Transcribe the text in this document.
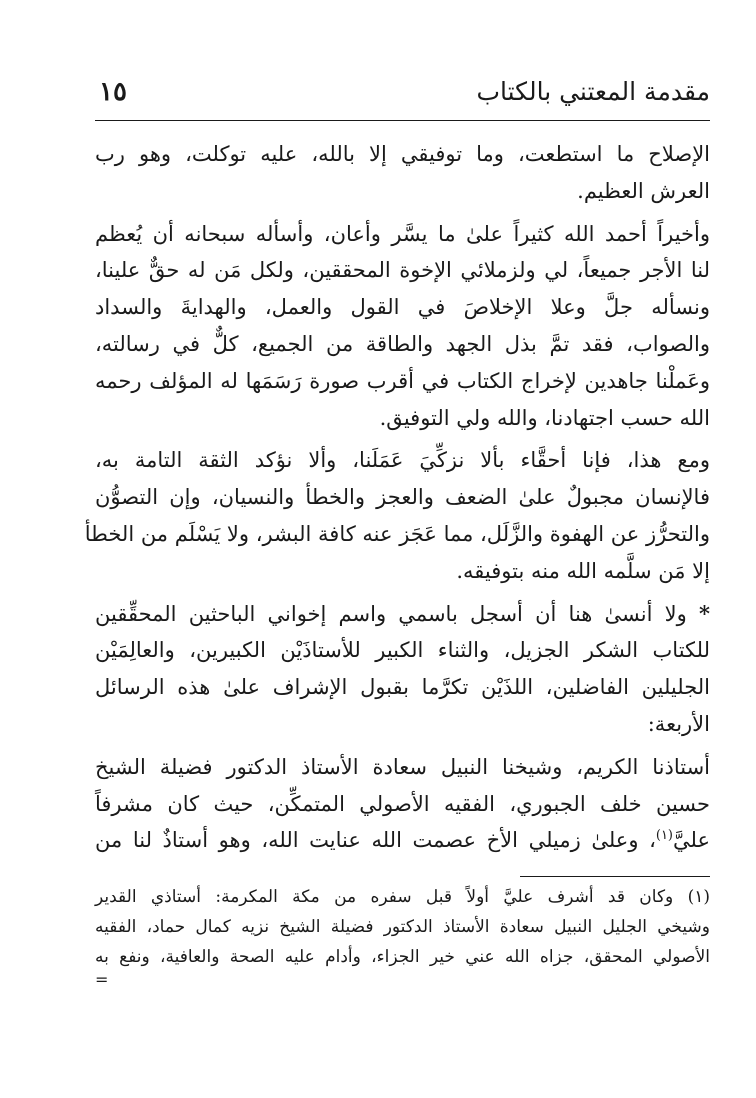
مقدمة المعتني بالكتاب
١٥

الإصلاح ما استطعت، وما توفيقي إلا بالله، عليه توكلت، وهو رب
العرش العظيم.

وأخيراً أحمد الله كثيراً علىٰ ما يسَّر وأعان، وأسأله سبحانه أن يُعظم
لنا الأجر جميعاً، لي ولزملائي الإخوة المحققين، ولكل مَن له حقٌّ علينا،
ونسأله جلَّ وعلا الإخلاصَ في القول والعمل، والهدايةَ والسداد
والصواب، فقد تمَّ بذل الجهد والطاقة من الجميع، كلٌّ في رسالته،
وعَملْنا جاهدين لإخراج الكتاب في أقرب صورة رَسَمَها له المؤلف رحمه
الله حسب اجتهادنا، والله ولي التوفيق.

ومع هذا، فإنا أحقَّاء بألا نزكِّيَ عَمَلَنا، وألا نؤكد الثقة التامة به،
فالإنسان مجبولٌ علىٰ الضعف والعجز والخطأ والنسيان، وإن التصوُّن
والتحرُّز عن الهفوة والزَّلَل، مما عَجَز عنه كافة البشر، ولا يَسْلَم من الخطأ
إلا مَن سلَّمه الله منه بتوفيقه.

* ولا أنسىٰ هنا أن أسجل باسمي واسم إخواني الباحثين المحقِّقين
للكتاب الشكر الجزيل، والثناء الكبير للأستاذَيْن الكبيرين، والعالِمَيْن
الجليلين الفاضلين، اللذَيْن تكرَّما بقبول الإشراف علىٰ هذه الرسائل
الأربعة:

أستاذنا الكريم، وشيخنا النبيل سعادة الأستاذ الدكتور فضيلة الشيخ
حسين خلف الجبوري، الفقيه الأصولي المتمكِّن، حيث كان مشرفاً
عليَّ$^{(١)}$، وعلىٰ زميلي الأخ عصمت الله عنايت الله، وهو أستاذٌ لنا من

(١) وكان قد أشرف عليَّ أولاً قبل سفره من مكة المكرمة: أستاذي القدير
وشيخي الجليل النبيل سعادة الأستاذ الدكتور فضيلة الشيخ نزيه كمال حماد، الفقيه
الأصولي المحقق، جزاه الله عني خير الجزاء، وأدام عليه الصحة والعافية، ونفع به
=
